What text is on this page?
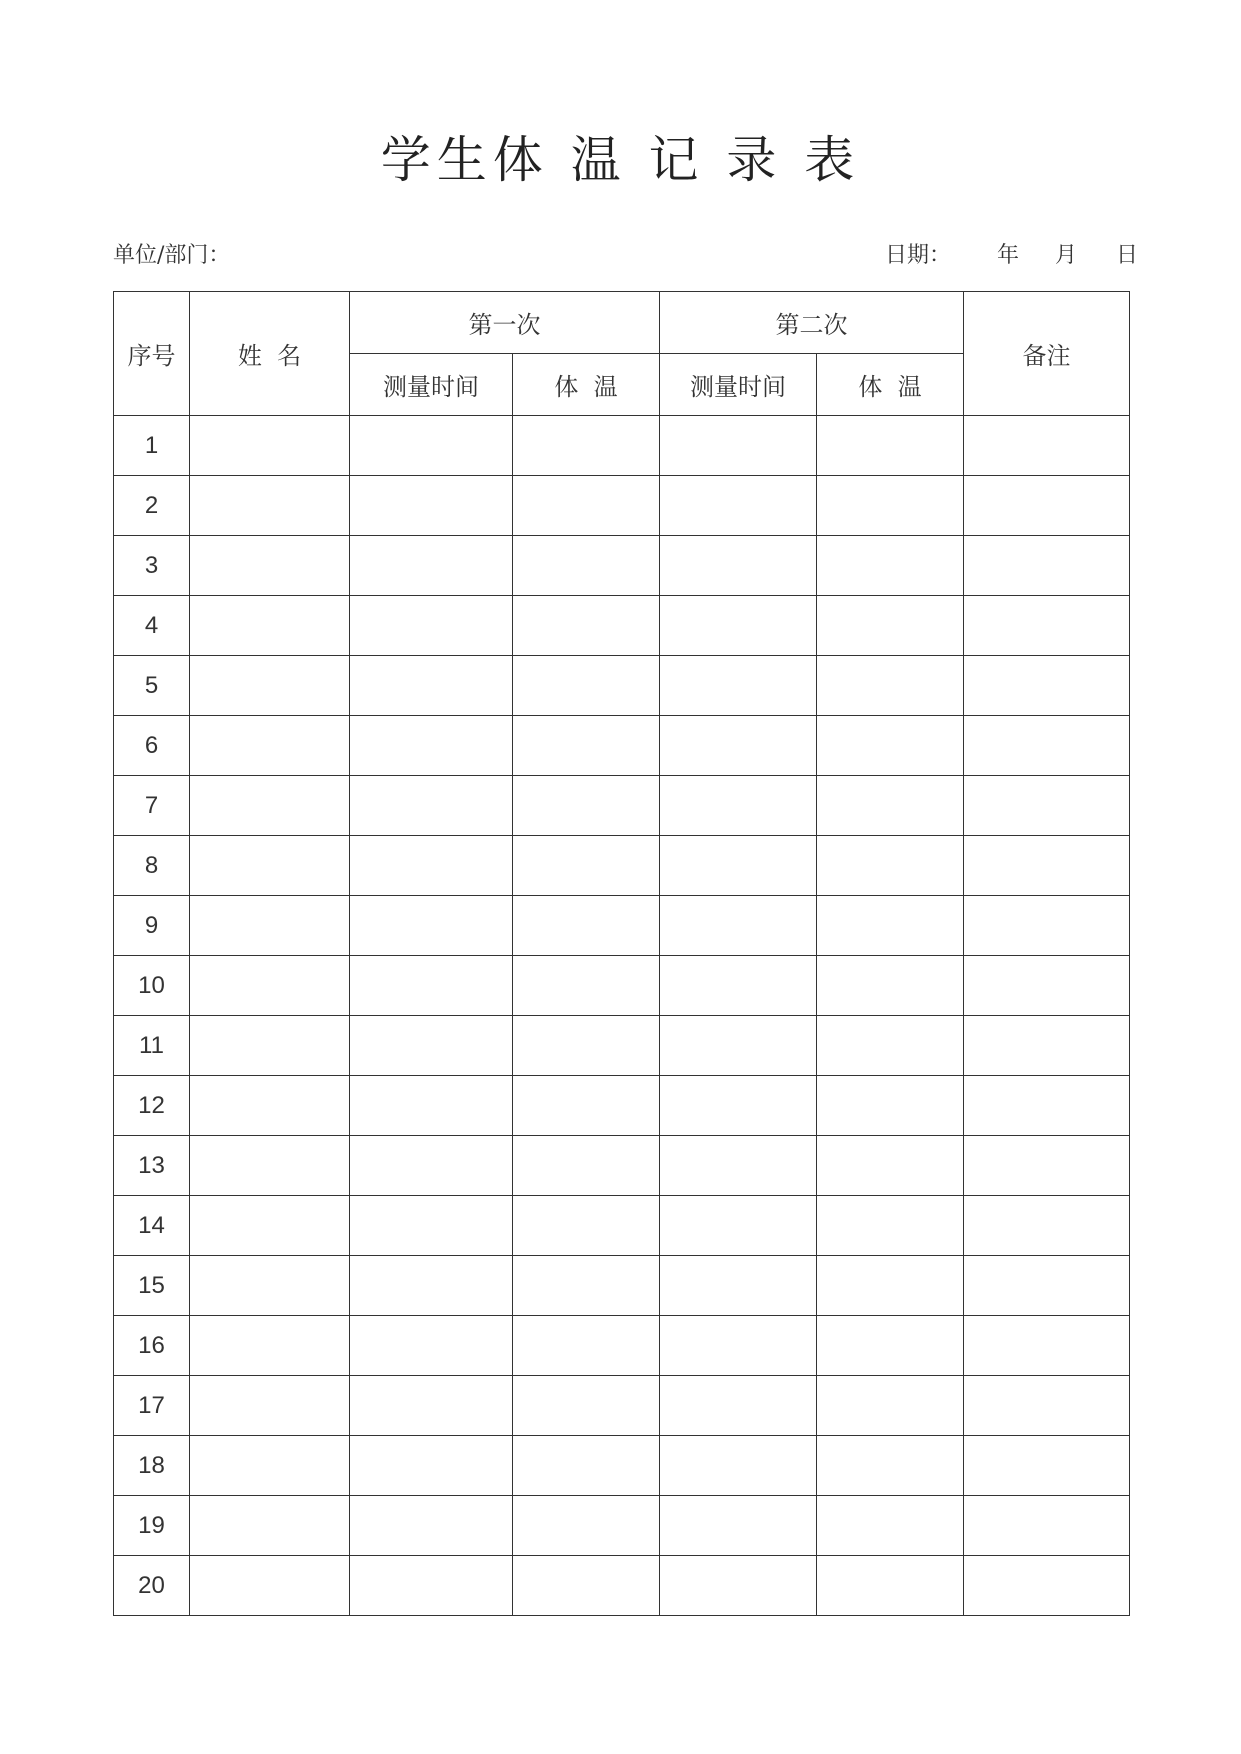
学生体 温 记 录 表
单位/部门：

	日期：

年

月

日

序号	姓  名	第一次		第二次		备注
		测量时间	体  温	测量时间	体  温	
1						
2						
3						
4						
5						
6						
7						
8						
9						
10						
11						
12						
13						
14						
15						
16						
17						
18						
19						
20						
